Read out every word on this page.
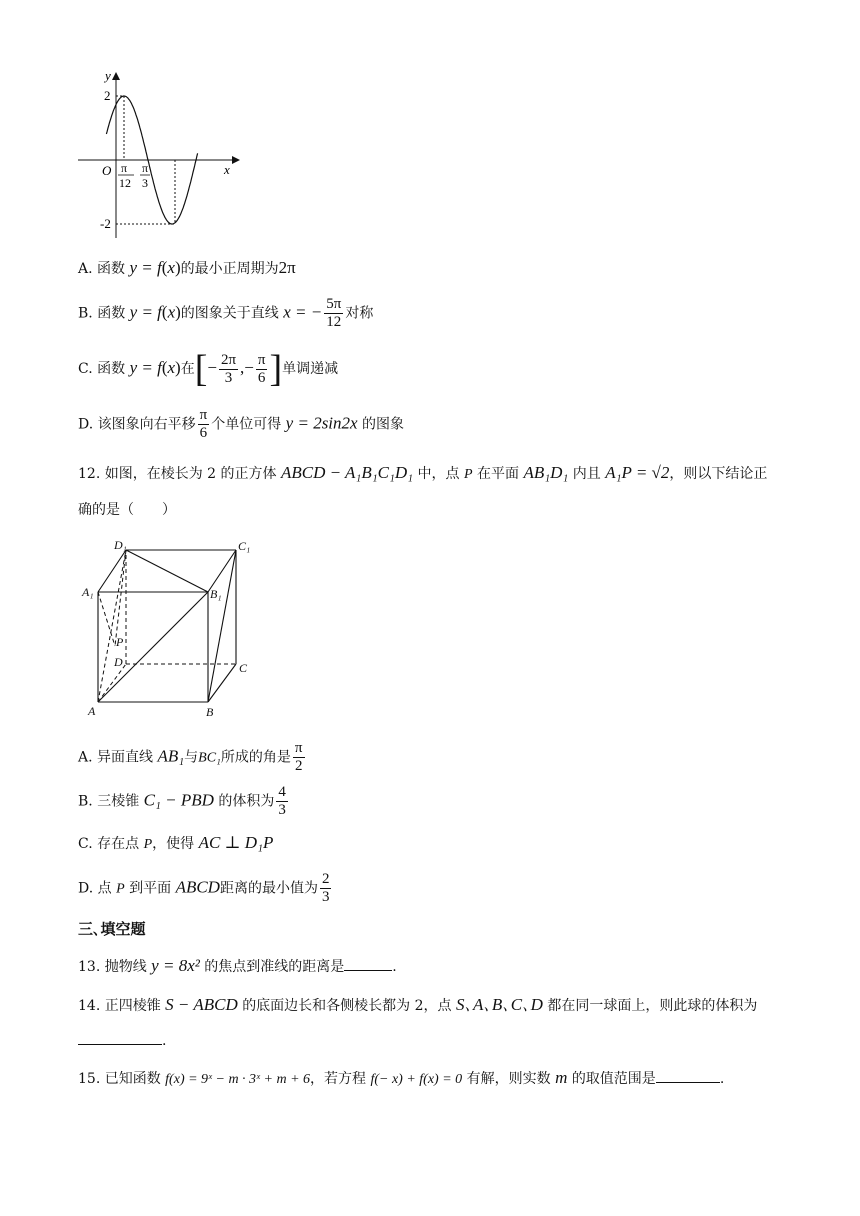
y
x
O
2
-2
π
12
π
3
A. 函数 y = f(x)的最小正周期为2π
B. 函数 y = f(x)的图象关于直线 x = − $\frac{5\pi}{12}$ 对称
C. 函数 y = f(x)在[− $\frac{2\pi}{3}$ ,− $\frac{\pi}{6}$ ]单调递减
D. 该图象向右平移 $\frac{\pi}{6}$ 个单位可得 y = 2sin2x 的图象
12. 如图，在棱长为 2 的正方体 ABCD − A₁B₁C₁D₁ 中，点 P 在平面 AB₁D₁ 内且 A₁P = √2，则以下结论正
确的是（　　）
D₁	C₁
A₁	B₁
P
D	C
A	B
A. 异面直线 AB₁与BC₁所成的角是 $\frac{\pi}{2}$
B. 三棱锥 C₁ − PBD 的体积为 $\frac{4}{3}$
C. 存在点 P，使得 AC ⊥ D₁P
D. 点 P 到平面 ABCD距离的最小值为 $\frac{2}{3}$
三､填空题
13. 抛物线 y = 8x² 的焦点到准线的距离是	.
14. 正四棱锥 S − ABCD 的底面边长和各侧棱长都为 2，点 S､A､B､C､D 都在同一球面上，则此球的体积为
.
15. 已知函数 f(x) = 9ˣ − m · 3ˣ + m + 6，若方程 f(− x) + f(x) = 0 有解，则实数 m 的取值范围是	.
